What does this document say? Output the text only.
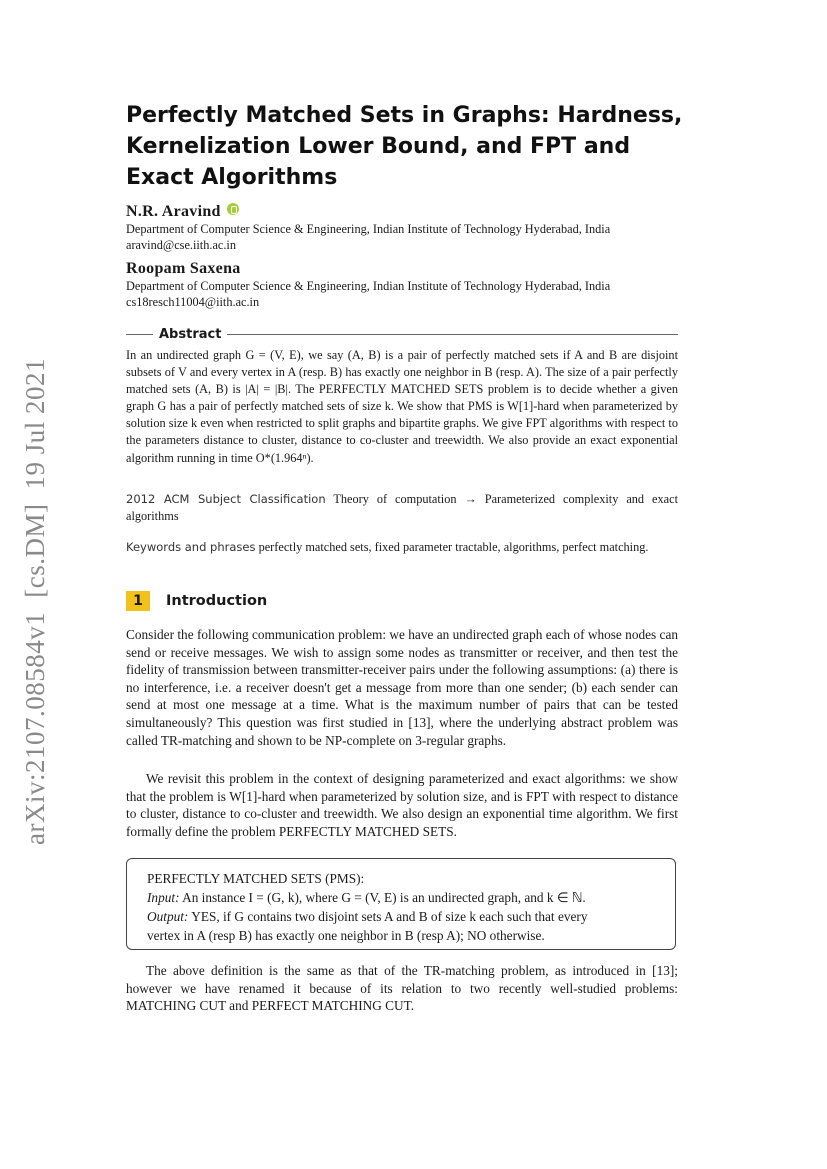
arXiv:2107.08584v1[cs.DM]19 Jul 2021
Perfectly Matched Sets in Graphs: Hardness, Kernelization Lower Bound, and FPT and Exact Algorithms
N.R. Aravind
Department of Computer Science & Engineering, Indian Institute of Technology Hyderabad, India
aravind@cse.iith.ac.in
Roopam Saxena
Department of Computer Science & Engineering, Indian Institute of Technology Hyderabad, India
cs18resch11004@iith.ac.in
Abstract
In an undirected graph G = (V, E), we say (A, B) is a pair of perfectly matched sets if A and B are disjoint subsets of V and every vertex in A (resp. B) has exactly one neighbor in B (resp. A). The size of a pair perfectly matched sets (A, B) is |A| = |B|. The PERFECTLY MATCHED SETS problem is to decide whether a given graph G has a pair of perfectly matched sets of size k. We show that PMS is W[1]-hard when parameterized by solution size k even when restricted to split graphs and bipartite graphs. We give FPT algorithms with respect to the parameters distance to cluster, distance to co-cluster and treewidth. We also provide an exact exponential algorithm running in time O*(1.964ⁿ).
2012 ACM Subject Classification Theory of computation → Parameterized complexity and exact algorithms
Keywords and phrases perfectly matched sets, fixed parameter tractable, algorithms, perfect matching.
1	Introduction
Consider the following communication problem: we have an undirected graph each of whose nodes can send or receive messages. We wish to assign some nodes as transmitter or receiver, and then test the fidelity of transmission between transmitter-receiver pairs under the following assumptions: (a) there is no interference, i.e. a receiver doesn't get a message from more than one sender; (b) each sender can send at most one message at a time. What is the maximum number of pairs that can be tested simultaneously? This question was first studied in [13], where the underlying abstract problem was called TR-matching and shown to be NP-complete on 3-regular graphs.
We revisit this problem in the context of designing parameterized and exact algorithms: we show that the problem is W[1]-hard when parameterized by solution size, and is FPT with respect to distance to cluster, distance to co-cluster and treewidth. We also design an exponential time algorithm. We first formally define the problem PERFECTLY MATCHED SETS.
PERFECTLY MATCHED SETS (PMS):
Input: An instance I = (G, k), where G = (V, E) is an undirected graph, and k ∈ ℕ.
Output: YES, if G contains two disjoint sets A and B of size k each such that every
vertex in A (resp B) has exactly one neighbor in B (resp A); NO otherwise.
The above definition is the same as that of the TR-matching problem, as introduced in [13]; however we have renamed it because of its relation to two recently well-studied problems: MATCHING CUT and PERFECT MATCHING CUT.
